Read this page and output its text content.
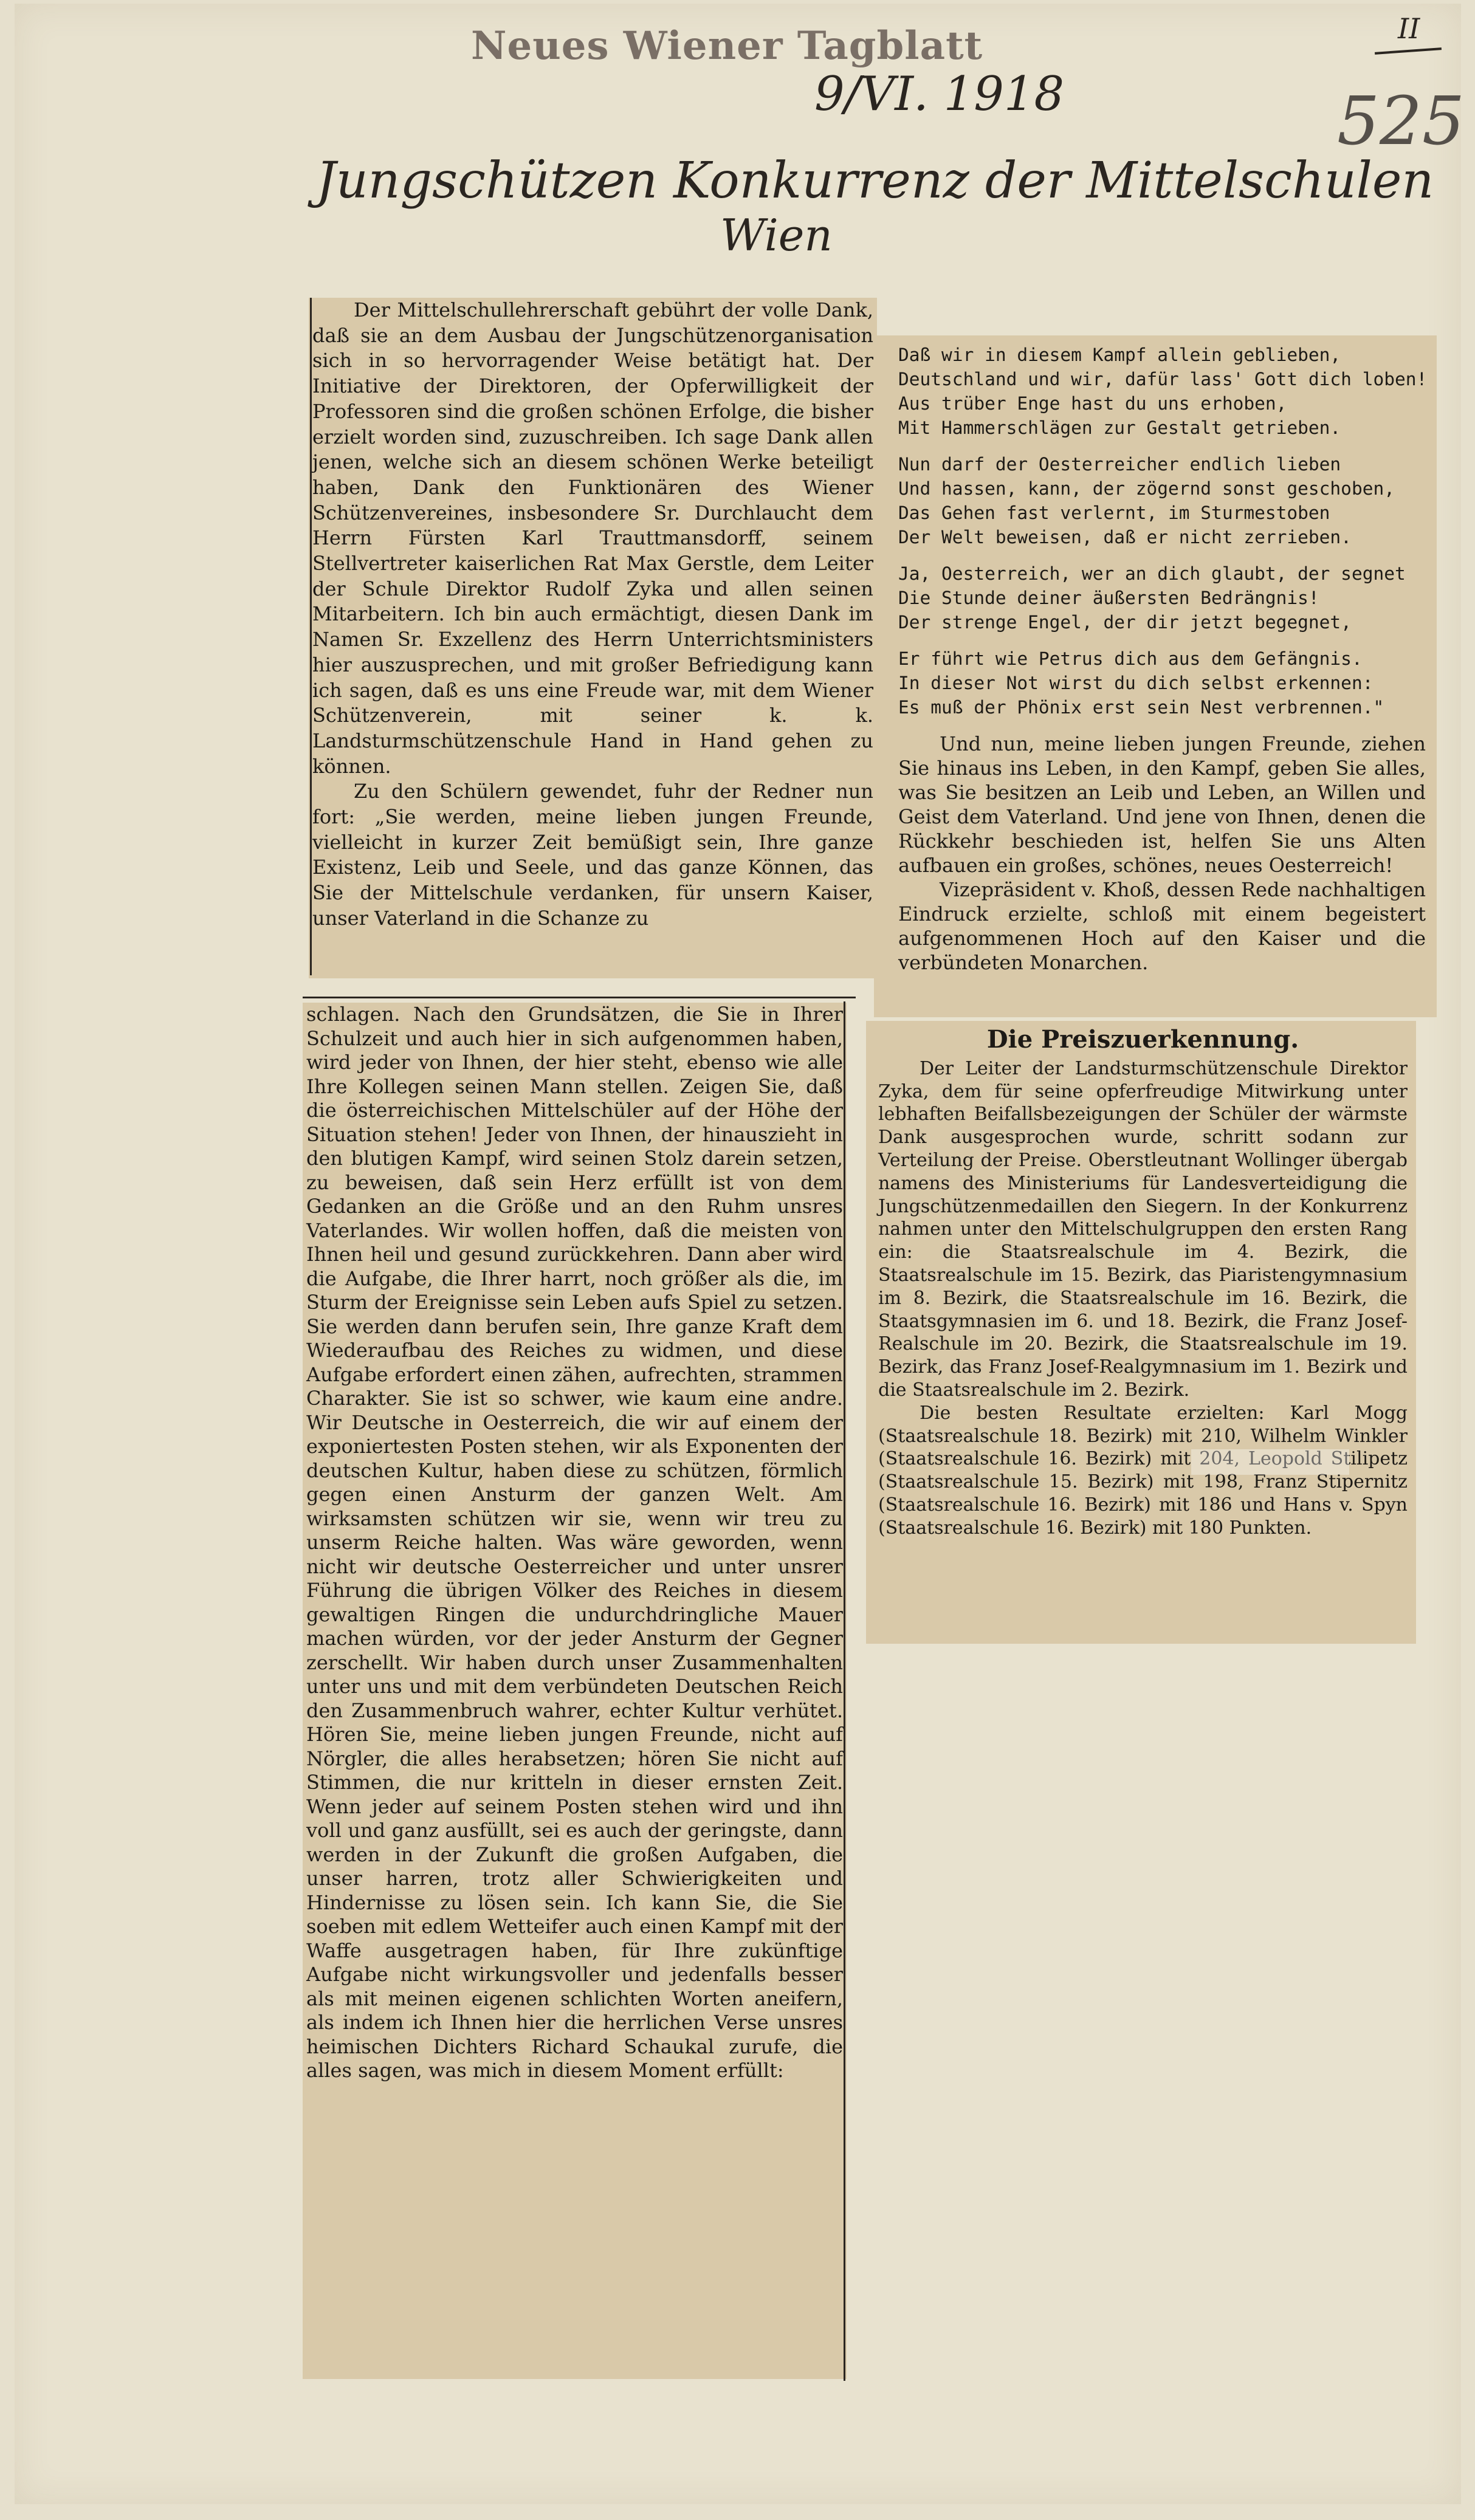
Neues Wiener Tagblatt	II
525
9/VI. 1918
Jungschützen Konkurrenz der Mittelschulen
Wien

Der Mittelschullehrerschaft gebührt der volle Dank, daß sie an dem Ausbau der Jungschützenorganisation sich in so hervorragender Weise betätigt hat. Der Initiative der Direktoren, der Opferwilligkeit der Professoren sind die großen schönen Erfolge, die bisher erzielt worden sind, zuzuschreiben. Ich sage Dank allen jenen, welche sich an diesem schönen Werke beteiligt haben, Dank den Funktionären des Wiener Schützenvereines, insbesondere Sr. Durchlaucht dem Herrn Fürsten Karl Trauttmansdorff, seinem Stellvertreter kaiserlichen Rat Max Gerstle, dem Leiter der Schule Direktor Rudolf Zyka und allen seinen Mitarbeitern. Ich bin auch ermächtigt, diesen Dank im Namen Sr. Exzellenz des Herrn Unterrichtsministers hier auszusprechen, und mit großer Befriedigung kann ich sagen, daß es uns eine Freude war, mit dem Wiener Schützenverein, mit seiner k. k. Landsturmschützenschule Hand in Hand gehen zu können.

Zu den Schülern gewendet, fuhr der Redner nun fort: „Sie werden, meine lieben jungen Freunde, vielleicht in kurzer Zeit bemüßigt sein, Ihre ganze Existenz, Leib und Seele, und das ganze Können, das Sie der Mittelschule verdanken, für unsern Kaiser, unser Vaterland in die Schanze zu

schlagen. Nach den Grundsätzen, die Sie in Ihrer Schulzeit und auch hier in sich aufgenommen haben, wird jeder von Ihnen, der hier steht, ebenso wie alle Ihre Kollegen seinen Mann stellen. Zeigen Sie, daß die österreichischen Mittelschüler auf der Höhe der Situation stehen! Jeder von Ihnen, der hinauszieht in den blutigen Kampf, wird seinen Stolz darein setzen, zu beweisen, daß sein Herz erfüllt ist von dem Gedanken an die Größe und an den Ruhm unsres Vaterlandes. Wir wollen hoffen, daß die meisten von Ihnen heil und gesund zurückkehren. Dann aber wird die Aufgabe, die Ihrer harrt, noch größer als die, im Sturm der Ereignisse sein Leben aufs Spiel zu setzen. Sie werden dann berufen sein, Ihre ganze Kraft dem Wiederaufbau des Reiches zu widmen, und diese Aufgabe erfordert einen zähen, aufrechten, strammen Charakter. Sie ist so schwer, wie kaum eine andre. Wir Deutsche in Oesterreich, die wir auf einem der exponiertesten Posten stehen, wir als Exponenten der deutschen Kultur, haben diese zu schützen, förmlich gegen einen Ansturm der ganzen Welt. Am wirksamsten schützen wir sie, wenn wir treu zu unserm Reiche halten. Was wäre geworden, wenn nicht wir deutsche Oesterreicher und unter unsrer Führung die übrigen Völker des Reiches in diesem gewaltigen Ringen die undurchdringliche Mauer machen würden, vor der jeder Ansturm der Gegner zerschellt. Wir haben durch unser Zusammenhalten unter uns und mit dem verbündeten Deutschen Reich den Zusammenbruch wahrer, echter Kultur verhütet. Hören Sie, meine lieben jungen Freunde, nicht auf Nörgler, die alles herabsetzen; hören Sie nicht auf Stimmen, die nur kritteln in dieser ernsten Zeit. Wenn jeder auf seinem Posten stehen wird und ihn voll und ganz ausfüllt, sei es auch der geringste, dann werden in der Zukunft die großen Aufgaben, die unser harren, trotz aller Schwierigkeiten und Hindernisse zu lösen sein. Ich kann Sie, die Sie soeben mit edlem Wetteifer auch einen Kampf mit der Waffe ausgetragen haben, für Ihre zukünftige Aufgabe nicht wirkungsvoller und jedenfalls besser als mit meinen eigenen schlichten Worten aneifern, als indem ich Ihnen hier die herrlichen Verse unsres heimischen Dichters Richard Schaukal zurufe, die alles sagen, was mich in diesem Moment erfüllt:

Daß wir in diesem Kampf allein geblieben,
Deutschland und wir, dafür lass' Gott dich loben!
Aus trüber Enge hast du uns erhoben,
Mit Hammerschlägen zur Gestalt getrieben.
Nun darf der Oesterreicher endlich lieben
Und hassen, kann, der zögernd sonst geschoben,
Das Gehen fast verlernt, im Sturmestoben
Der Welt beweisen, daß er nicht zerrieben.
Ja, Oesterreich, wer an dich glaubt, der segnet
Die Stunde deiner äußersten Bedrängnis!
Der strenge Engel, der dir jetzt begegnet,
Er führt wie Petrus dich aus dem Gefängnis.
In dieser Not wirst du dich selbst erkennen:
Es muß der Phönix erst sein Nest verbrennen."

Und nun, meine lieben jungen Freunde, ziehen Sie hinaus ins Leben, in den Kampf, geben Sie alles, was Sie besitzen an Leib und Leben, an Willen und Geist dem Vaterland. Und jene von Ihnen, denen die Rückkehr beschieden ist, helfen Sie uns Alten aufbauen ein großes, schönes, neues Oesterreich!

Vizepräsident v. Khoß, dessen Rede nachhaltigen Eindruck erzielte, schloß mit einem begeistert aufgenommenen Hoch auf den Kaiser und die verbündeten Monarchen.

Die Preiszuerkennung.

Der Leiter der Landsturmschützenschule Direktor Zyka, dem für seine opferfreudige Mitwirkung unter lebhaften Beifallsbezeigungen der Schüler der wärmste Dank ausgesprochen wurde, schritt sodann zur Verteilung der Preise. Oberstleutnant Wollinger übergab namens des Ministeriums für Landesverteidigung die Jungschützenmedaillen den Siegern. In der Konkurrenz nahmen unter den Mittelschulgruppen den ersten Rang ein: die Staatsrealschule im 4. Bezirk, die Staatsrealschule im 15. Bezirk, das Piaristengymnasium im 8. Bezirk, die Staatsrealschule im 16. Bezirk, die Staatsgymnasien im 6. und 18. Bezirk, die Franz Josef-Realschule im 20. Bezirk, die Staatsrealschule im 19. Bezirk, das Franz Josef-Realgymnasium im 1. Bezirk und die Staatsrealschule im 2. Bezirk.

Die besten Resultate erzielten: Karl Mogg (Staatsrealschule 18. Bezirk) mit 210, Wilhelm Winkler (Staatsrealschule 16. Bezirk) mit 204, Leopold Stilipetz (Staatsrealschule 15. Bezirk) mit 198, Franz Stipernitz (Staatsrealschule 16. Bezirk) mit 186 und Hans v. Spyn (Staatsrealschule 16. Bezirk) mit 180 Punkten.
